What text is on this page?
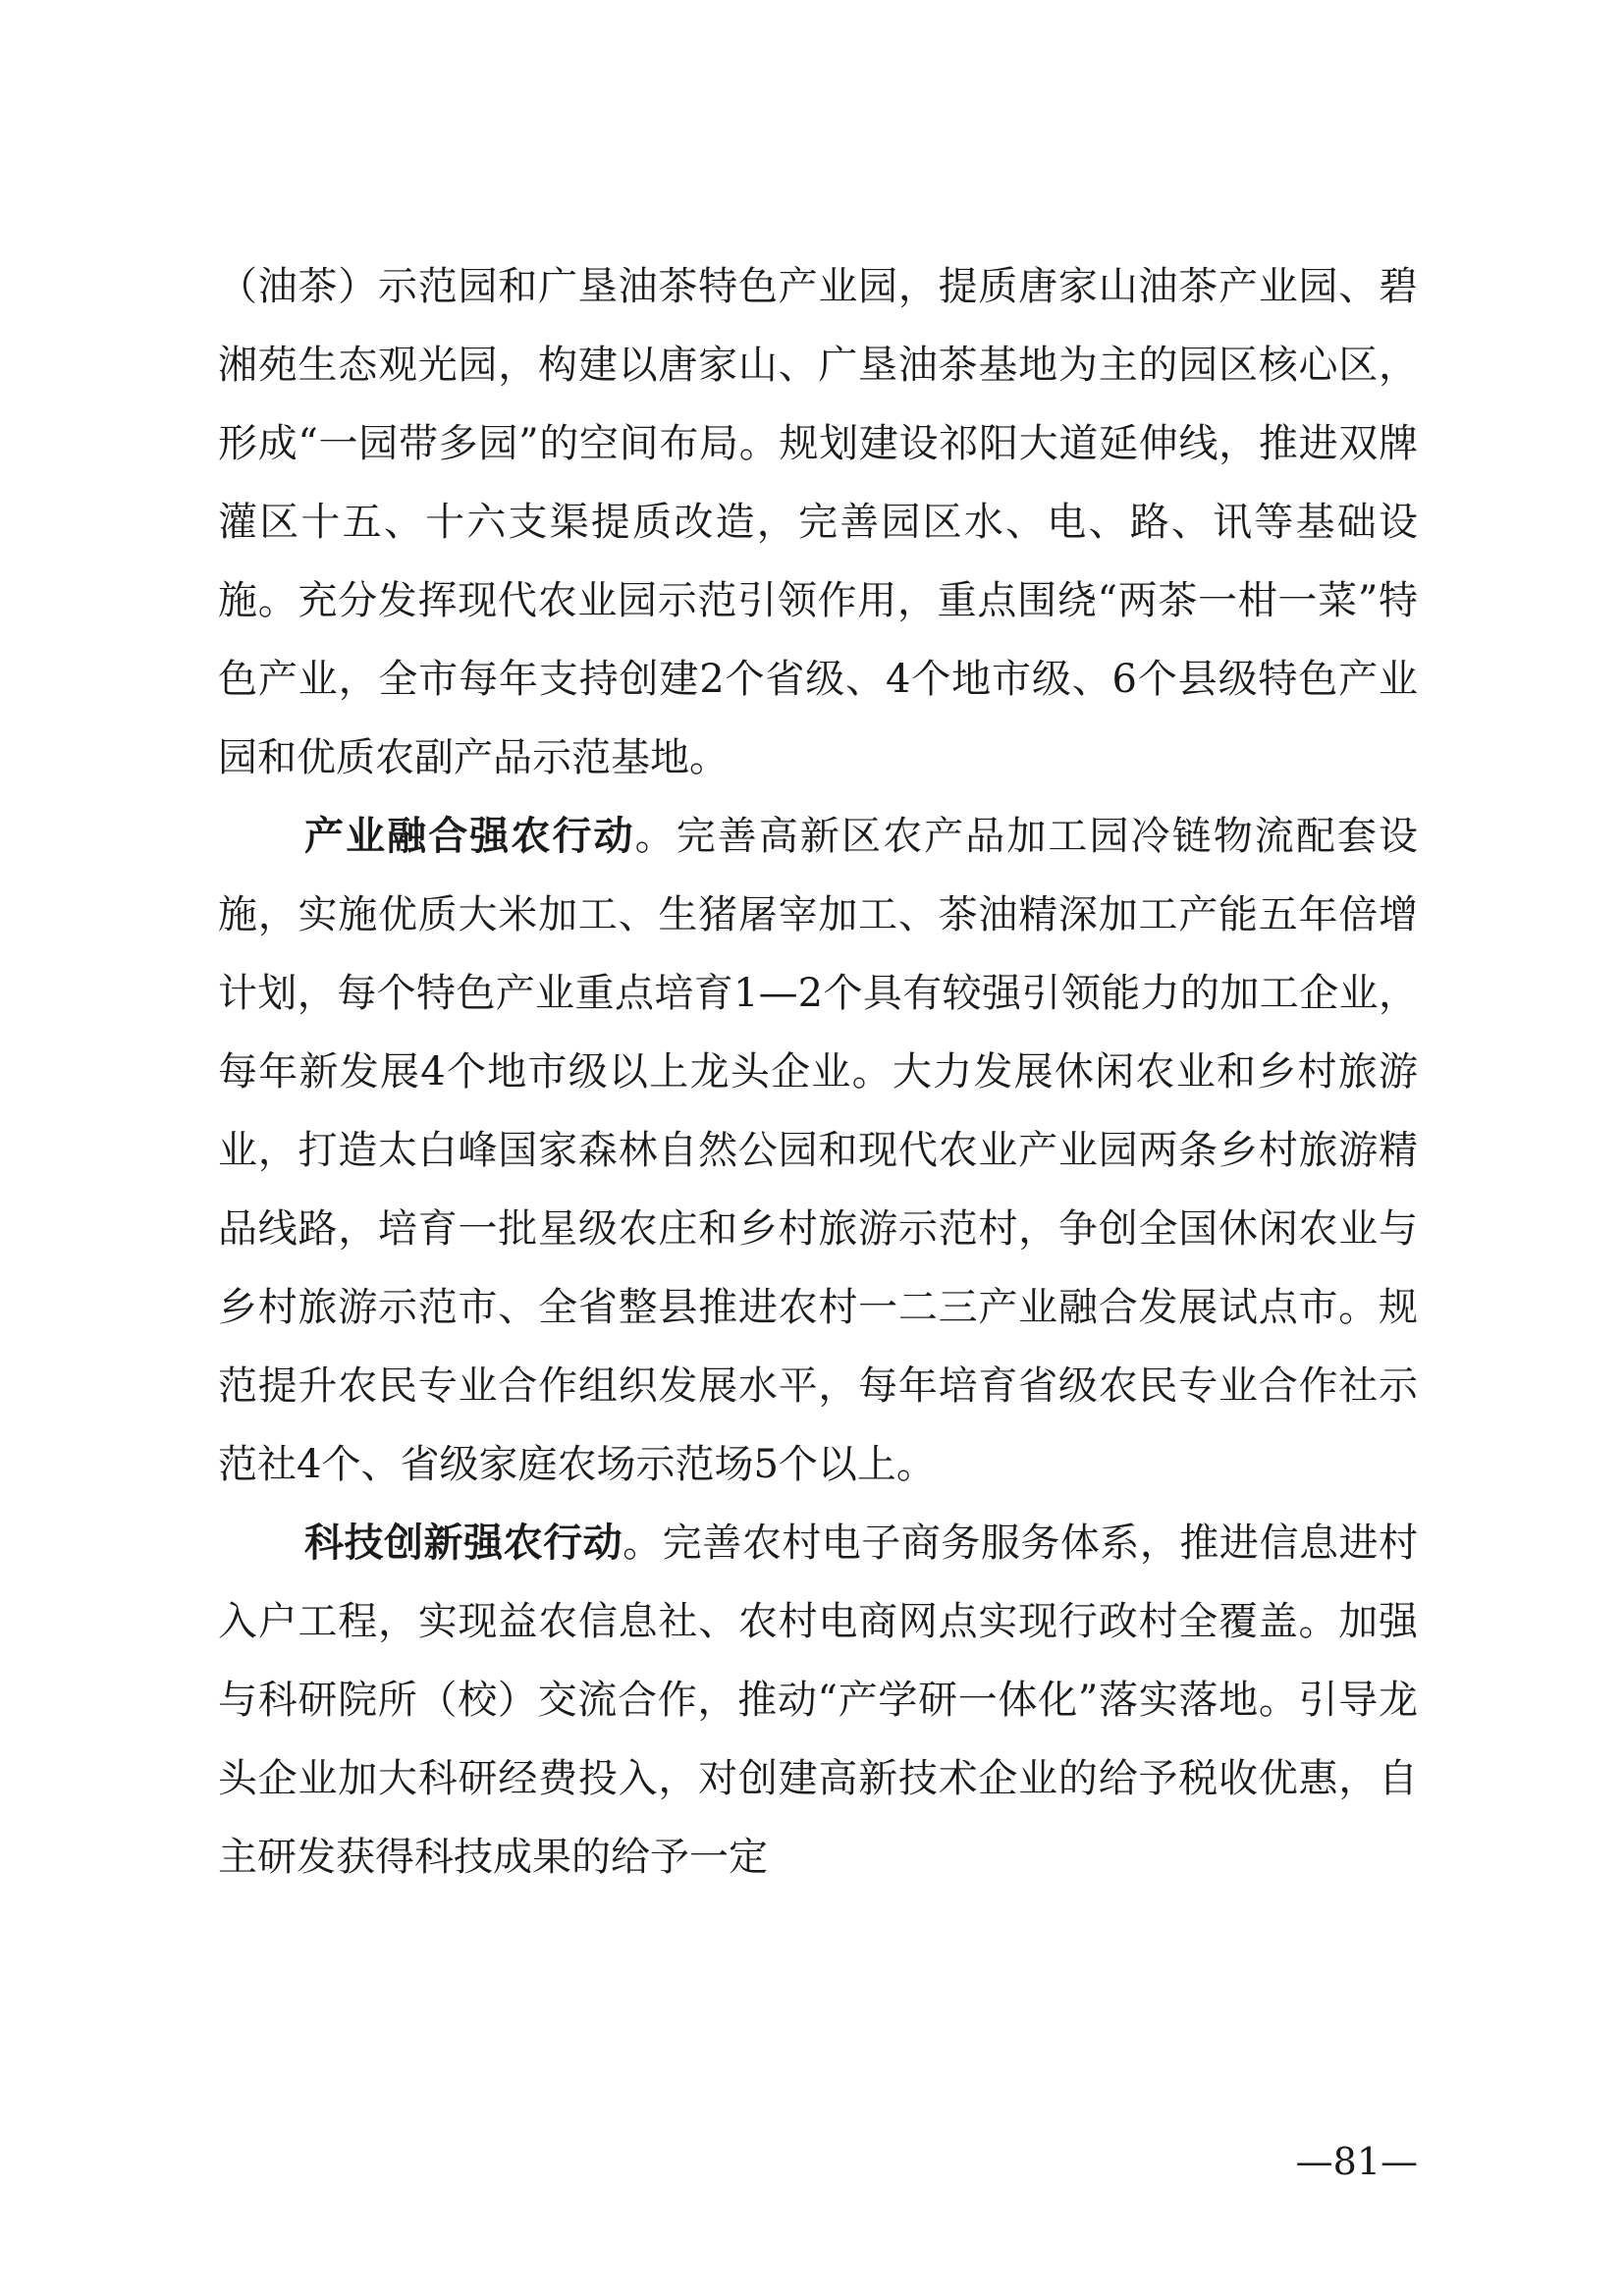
（油茶）示范园和广垦油茶特色产业园，提质唐家山油茶产业园、碧湘苑生态观光园，构建以唐家山、广垦油茶基地为主的园区核心区，形成“一园带多园”的空间布局。规划建设祁阳大道延伸线，推进双牌灌区十五、十六支渠提质改造，完善园区水、电、路、讯等基础设施。充分发挥现代农业园示范引领作用，重点围绕“两茶一柑一菜”特色产业，全市每年支持创建2个省级、4个地市级、6个县级特色产业园和优质农副产品示范基地。

产业融合强农行动。完善高新区农产品加工园冷链物流配套设施，实施优质大米加工、生猪屠宰加工、茶油精深加工产能五年倍增计划，每个特色产业重点培育1—2个具有较强引领能力的加工企业，每年新发展4个地市级以上龙头企业。大力发展休闲农业和乡村旅游业，打造太白峰国家森林自然公园和现代农业产业园两条乡村旅游精品线路，培育一批星级农庄和乡村旅游示范村，争创全国休闲农业与乡村旅游示范市、全省整县推进农村一二三产业融合发展试点市。规范提升农民专业合作组织发展水平，每年培育省级农民专业合作社示范社4个、省级家庭农场示范场5个以上。

科技创新强农行动。完善农村电子商务服务体系，推进信息进村入户工程，实现益农信息社、农村电商网点实现行政村全覆盖。加强与科研院所（校）交流合作，推动“产学研一体化”落实落地。引导龙头企业加大科研经费投入，对创建高新技术企业的给予税收优惠，自主研发获得科技成果的给予一定

—81—
